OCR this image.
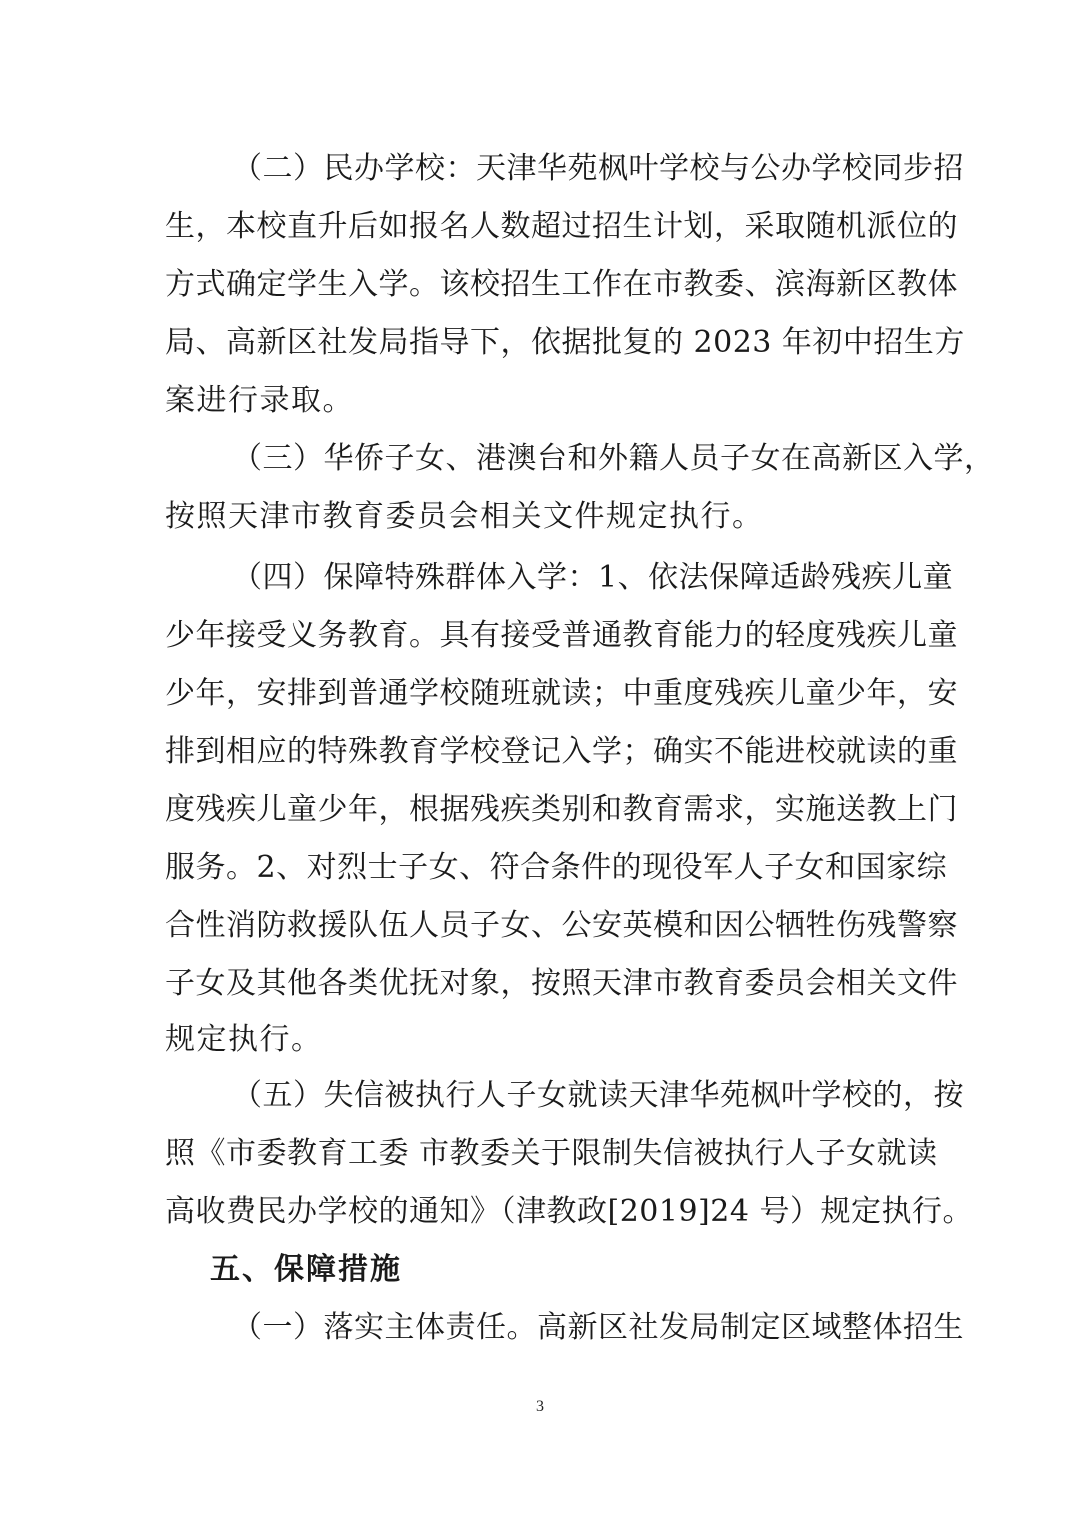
（二）民办学校：天津华苑枫叶学校与公办学校同步招
生，本校直升后如报名人数超过招生计划，采取随机派位的
方式确定学生入学。该校招生工作在市教委、滨海新区教体
局、高新区社发局指导下，依据批复的 2023 年初中招生方
案进行录取。
（三）华侨子女、港澳台和外籍人员子女在高新区入学，
按照天津市教育委员会相关文件规定执行。
（四）保障特殊群体入学：1、依法保障适龄残疾儿童
少年接受义务教育。具有接受普通教育能力的轻度残疾儿童
少年，安排到普通学校随班就读；中重度残疾儿童少年，安
排到相应的特殊教育学校登记入学；确实不能进校就读的重
度残疾儿童少年，根据残疾类别和教育需求，实施送教上门
服务。2、对烈士子女、符合条件的现役军人子女和国家综
合性消防救援队伍人员子女、公安英模和因公牺牲伤残警察
子女及其他各类优抚对象，按照天津市教育委员会相关文件
规定执行。
（五）失信被执行人子女就读天津华苑枫叶学校的，按
照《市委教育工委 市教委关于限制失信被执行人子女就读
高收费民办学校的通知》（津教政[2019]24 号）规定执行。
五、保障措施
（一）落实主体责任。高新区社发局制定区域整体招生
3
